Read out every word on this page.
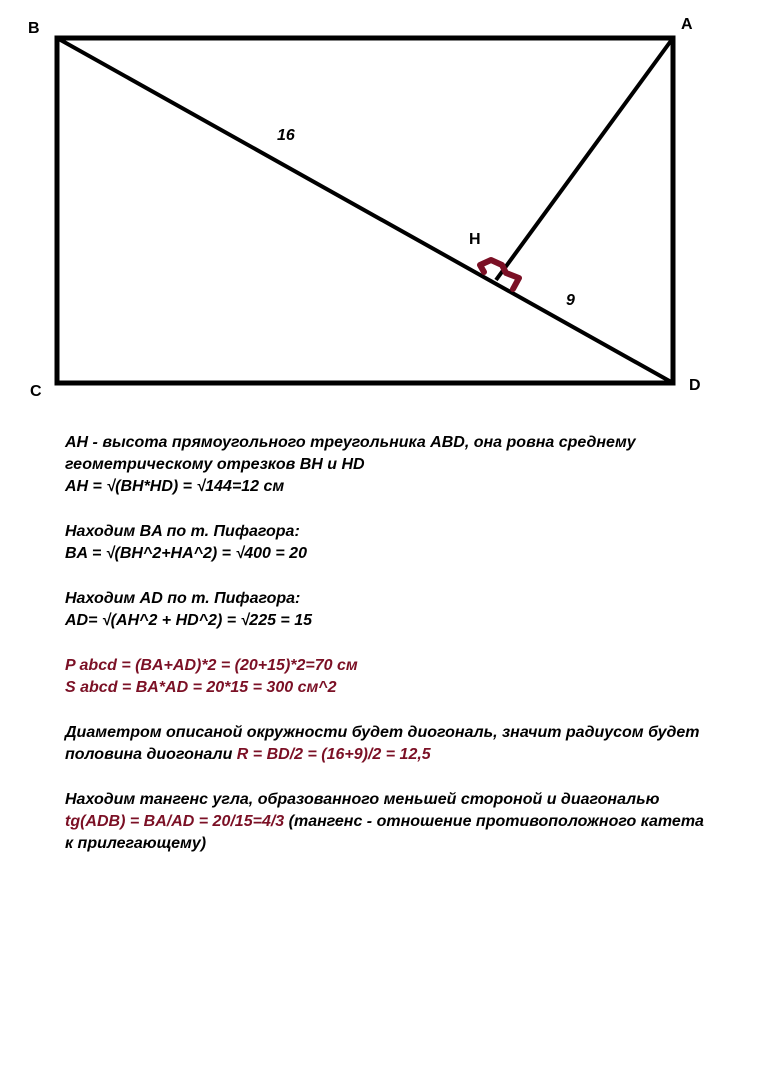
B	A
C	D
H
16
9

AH - высота прямоугольного треугольника ABD, она ровна среднему
геометрическому отрезков BH и HD
AH = √(BH*HD) = √144=12 см

Находим BA по т. Пифагора:
BA = √(BH^2+HA^2) = √400 = 20

Находим AD по т. Пифагора:
AD= √(AH^2 + HD^2) = √225 = 15

P abcd = (BA+AD)*2 = (20+15)*2=70 см
S abcd = BA*AD = 20*15 = 300 см^2

Диаметром описаной окружности будет диогональ, значит радиусом будет
половина диогонали R = BD/2 = (16+9)/2 = 12,5

Находим тангенс угла, образованного меньшей стороной и диагональю
tg(ADB) = BA/AD = 20/15=4/3 (тангенс - отношение противоположного катета
к прилегающему)
